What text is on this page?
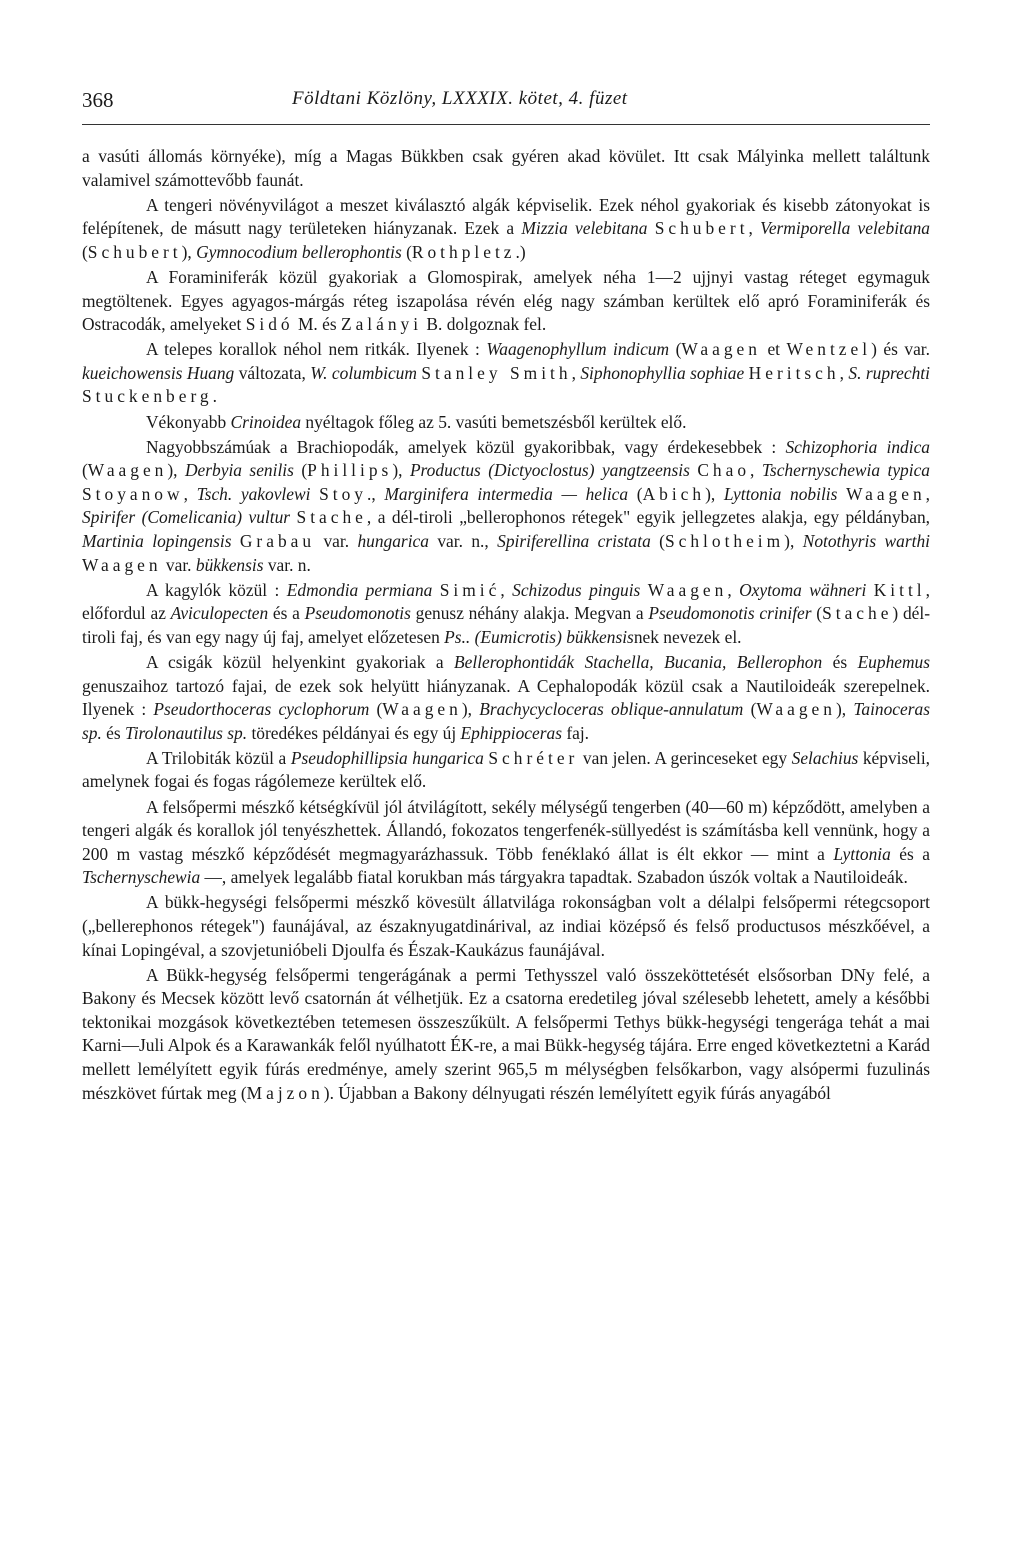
368	Földtani Közlöny, LXXXIX. kötet, 4. füzet

a vasúti állomás környéke), míg a Magas Bükkben csak gyéren akad kövület. Itt csak Mályinka mellett találtunk valamivel számottevőbb faunát.

A tengeri növényvilágot a meszet kiválasztó algák képviselik. Ezek néhol gyakoriak és kisebb zátonyokat is felépítenek, de másutt nagy területeken hiányzanak. Ezek a Mizzia velebitana Schubert, Vermiporella velebitana (Schubert), Gymnocodium bellerophontis (Rothpletz.)

A Foraminiferák közül gyakoriak a Glomospirak, amelyek néha 1—2 ujjnyi vastag réteget egymaguk megtöltenek. Egyes agyagos-márgás réteg iszapolása révén elég nagy számban kerültek elő apró Foraminiferák és Ostracodák, amelyeket Sidó M. és Zalányi B. dolgoznak fel.

A telepes korallok néhol nem ritkák. Ilyenek : Waagenophyllum indicum (Waagen et Wentzel) és var. kueichowensis Huang változata, W. columbicum Stanley Smith, Siphonophyllia sophiae Heritsch, S. ruprechti Stuckenberg.

Vékonyabb Crinoidea nyéltagok főleg az 5. vasúti bemetszésből kerültek elő.

Nagyobbszámúak a Brachiopodák, amelyek közül gyakoribbak, vagy érdekesebbek : Schizophoria indica (Waagen), Derbyia senilis (Phillips), Productus (Dictyoclostus) yangtzeensis Chao, Tschernyschewia typica Stoyanow, Tsch. yakovlewi Stoy., Marginifera intermedia — helica (Abich), Lyttonia nobilis Waagen, Spirifer (Comelicania) vultur Stache, a dél-tiroli „bellerophonos rétegek" egyik jellegzetes alakja, egy példányban, Martinia lopingensis Grabau var. hungarica var. n., Spiriferellina cristata (Schlotheim), Notothyris warthi Waagen var. bükkensis var. n.

A kagylók közül : Edmondia permiana Simić, Schizodus pinguis Waagen, Oxytoma wähneri Kittl, előfordul az Aviculopecten és a Pseudomonotis genusz néhány alakja. Megvan a Pseudomonotis crinifer (Stache) dél-tiroli faj, és van egy nagy új faj, amelyet előzetesen Ps.. (Eumicrotis) bükkensisnek nevezek el.

A csigák közül helyenkint gyakoriak a Bellerophontidák Stachella, Bucania, Bellerophon és Euphemus genuszaihoz tartozó fajai, de ezek sok helyütt hiányzanak. A Cephalopodák közül csak a Nautiloideák szerepelnek. Ilyenek : Pseudorthoceras cyclophorum (Waagen), Brachycycloceras oblique-annulatum (Waagen), Tainoceras sp. és Tirolonautilus sp. töredékes példányai és egy új Ephippioceras faj.

A Trilobiták közül a Pseudophillipsia hungarica Schréter van jelen. A gerinceseket egy Selachius képviseli, amelynek fogai és fogas rágólemeze kerültek elő.

A felsőpermi mészkő kétségkívül jól átvilágított, sekély mélységű tengerben (40—60 m) képződött, amelyben a tengeri algák és korallok jól tenyészhettek. Állandó, fokozatos tengerfenék-süllyedést is számításba kell vennünk, hogy a 200 m vastag mészkő képződését megmagyarázhassuk. Több fenéklakó állat is élt ekkor — mint a Lyttonia és a Tschernyschewia —, amelyek legalább fiatal korukban más tárgyakra tapadtak. Szabadon úszók voltak a Nautiloideák.

A bükk-hegységi felsőpermi mészkő kövesült állatvilága rokonságban volt a délalpi felsőpermi rétegcsoport („bellerephonos rétegek") faunájával, az északnyugatdinárival, az indiai középső és felső productusos mészkőével, a kínai Lopingéval, a szovjetunióbeli Djoulfa és Észak-Kaukázus faunájával.

A Bükk-hegység felsőpermi tengerágának a permi Tethysszel való összeköttetését elsősorban DNy felé, a Bakony és Mecsek között levő csatornán át vélhetjük. Ez a csatorna eredetileg jóval szélesebb lehetett, amely a későbbi tektonikai mozgások következtében tetemesen összeszűkült. A felsőpermi Tethys bükk-hegységi tengerága tehát a mai Karni—Juli Alpok és a Karawankák felől nyúlhatott ÉK-re, a mai Bükk-hegység tájára. Erre enged következtetni a Karád mellett lemélyített egyik fúrás eredménye, amely szerint 965,5 m mélységben felsőkarbon, vagy alsópermi fuzulinás mészkövet fúrtak meg (Majzon). Újabban a Bakony délnyugati részén lemélyített egyik fúrás anyagából
